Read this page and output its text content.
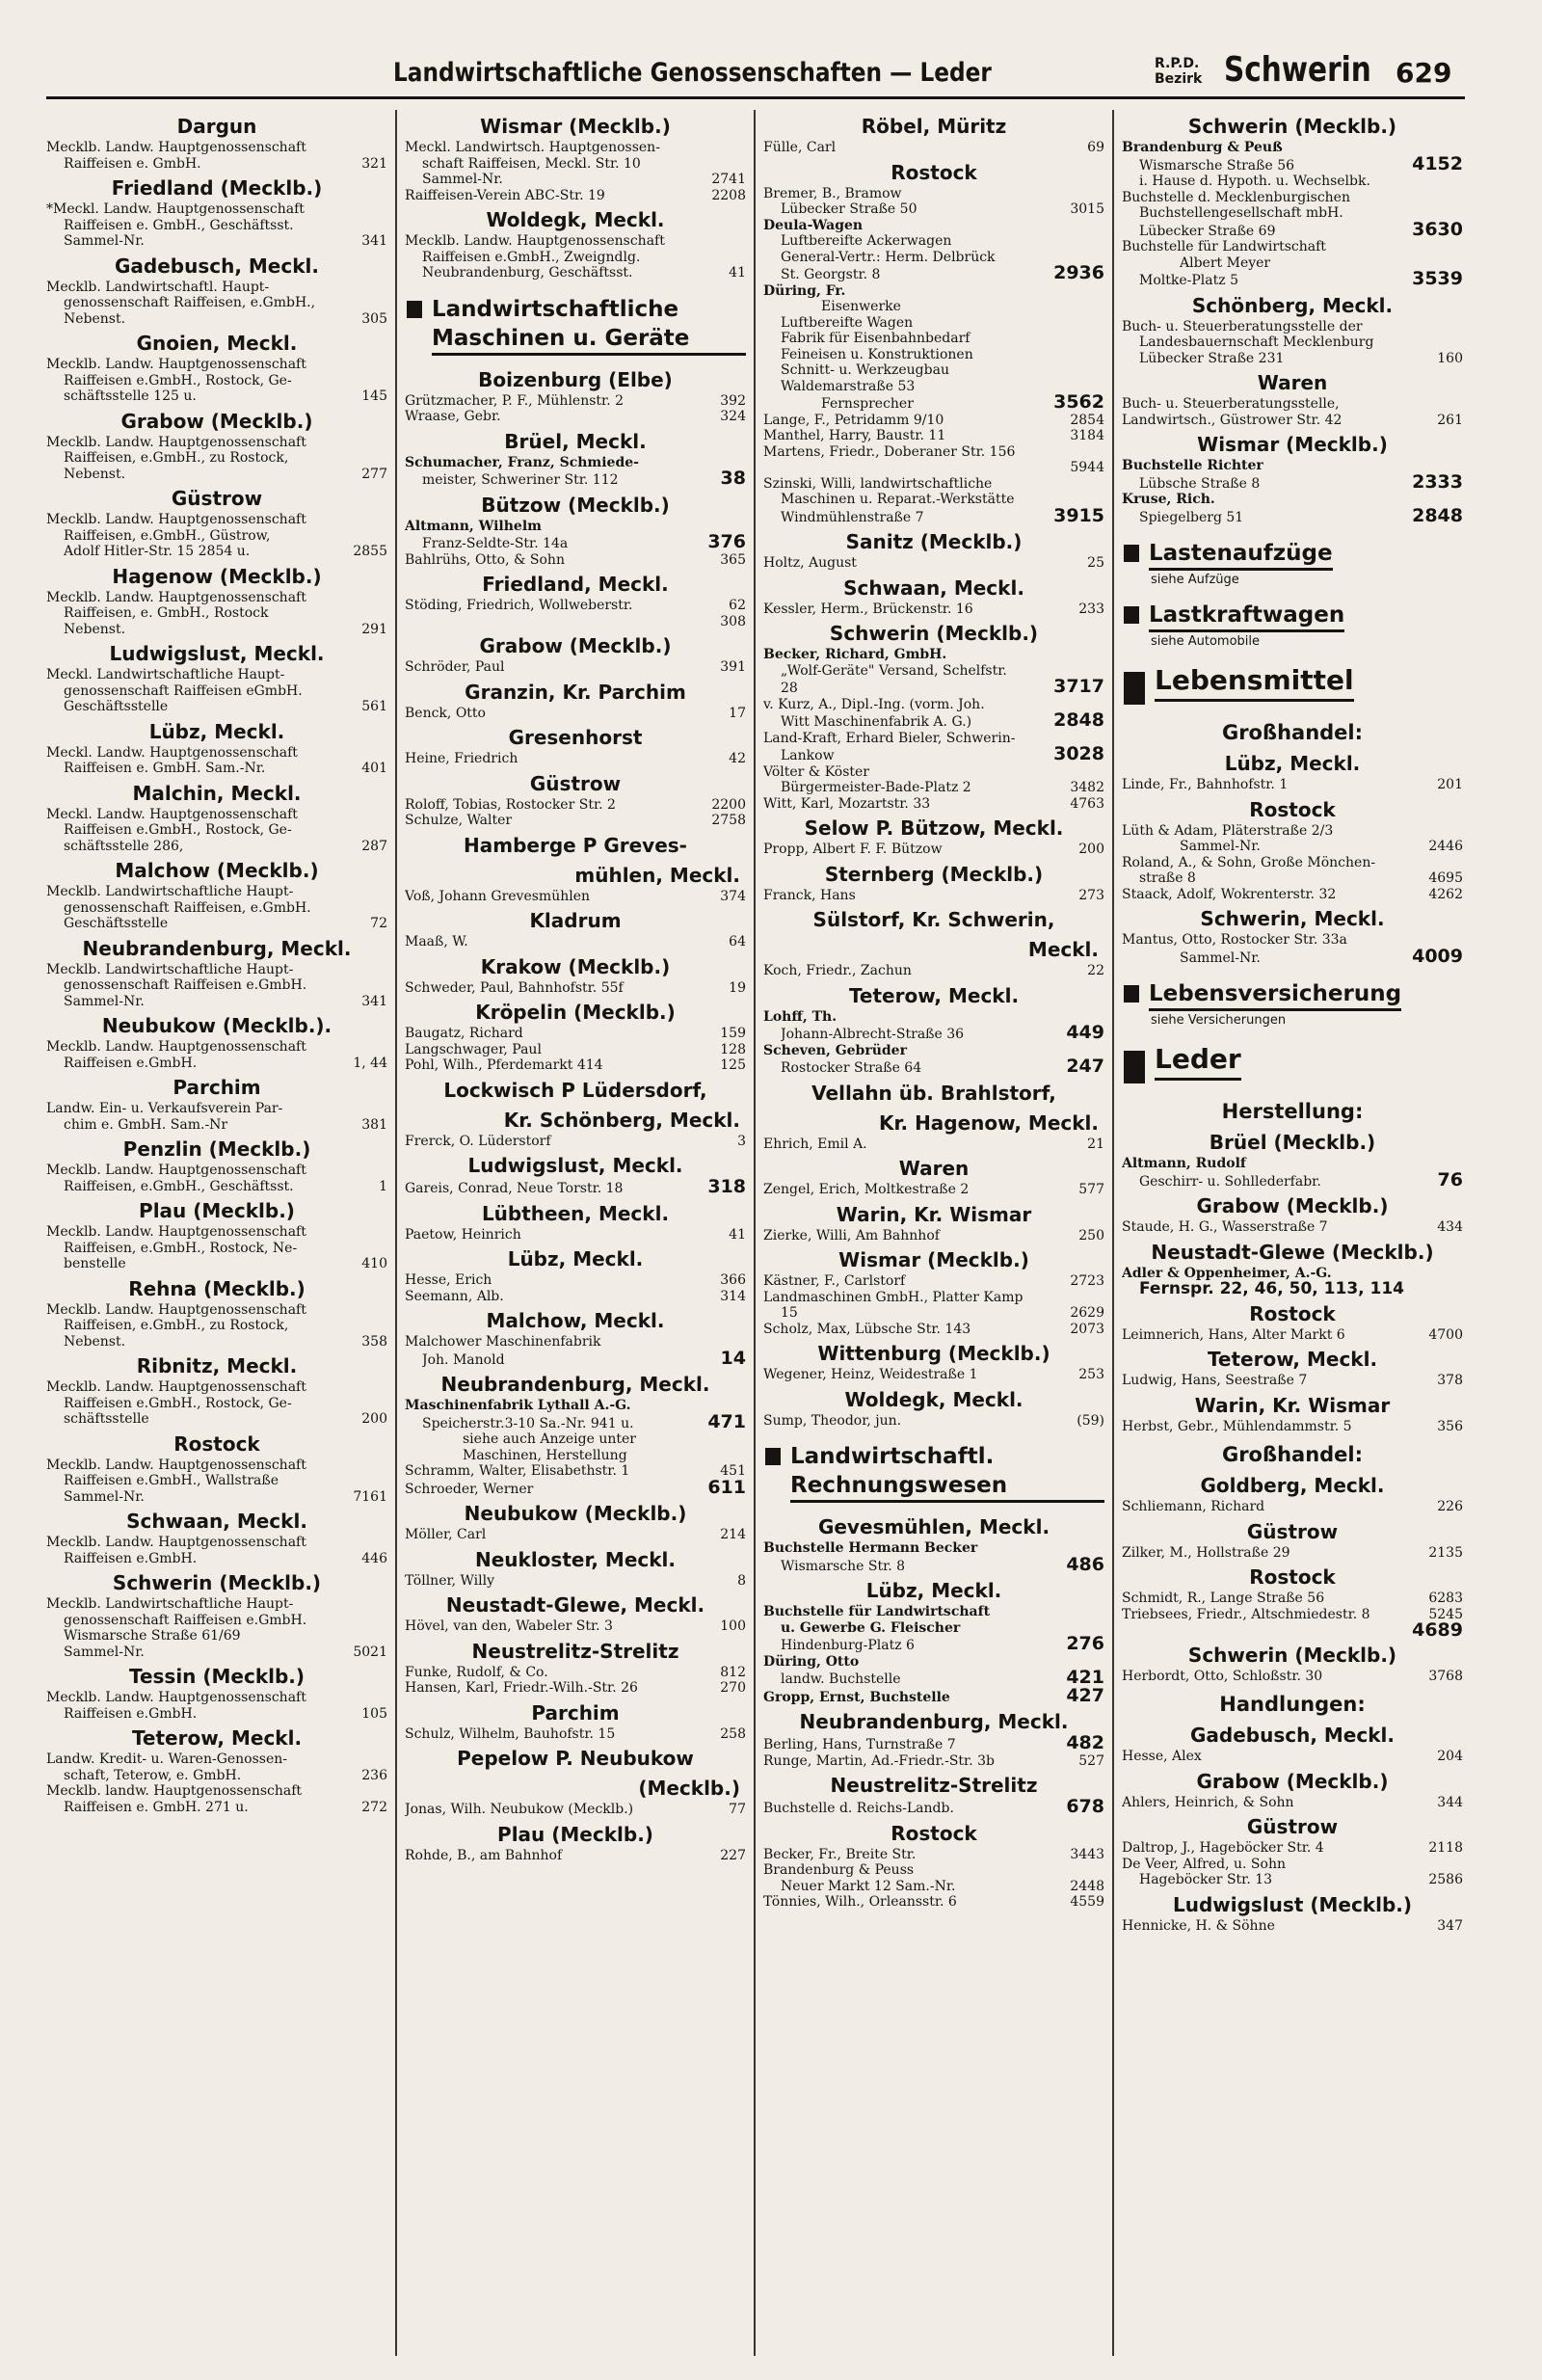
Landwirtschaftliche Genossenschaften — Leder	R.P.D.
Bezirk Schwerin 629
Dargun
Mecklb. Landw. Hauptgenossenschaft
Raiffeisen e. GmbH.	321
Friedland (Mecklb.)
*Meckl. Landw. Hauptgenossenschaft
Raiffeisen e. GmbH., Geschäftsst.
Sammel-Nr.	341
Gadebusch, Meckl.
Mecklb. Landwirtschaftl. Haupt-
genossenschaft Raiffeisen, e.GmbH.,
Nebenst.	305
Gnoien, Meckl.
Mecklb. Landw. Hauptgenossenschaft
Raiffeisen e.GmbH., Rostock, Ge-
schäftsstelle 125 u.	145
Grabow (Mecklb.)
Mecklb. Landw. Hauptgenossenschaft
Raiffeisen, e.GmbH., zu Rostock,
Nebenst.	277
Güstrow
Mecklb. Landw. Hauptgenossenschaft
Raiffeisen, e.GmbH., Güstrow,
Adolf Hitler-Str. 15 2854 u.	2855
Hagenow (Mecklb.)
Mecklb. Landw. Hauptgenossenschaft
Raiffeisen, e. GmbH., Rostock
Nebenst.	291
Ludwigslust, Meckl.
Meckl. Landwirtschaftliche Haupt-
genossenschaft Raiffeisen eGmbH.
Geschäftsstelle	561
Lübz, Meckl.
Meckl. Landw. Hauptgenossenschaft
Raiffeisen e. GmbH. Sam.-Nr.	401
Malchin, Meckl.
Meckl. Landw. Hauptgenossenschaft
Raiffeisen e.GmbH., Rostock, Ge-
schäftsstelle 286,	287
Malchow (Mecklb.)
Mecklb. Landwirtschaftliche Haupt-
genossenschaft Raiffeisen, e.GmbH.
Geschäftsstelle	72
Neubrandenburg, Meckl.
Mecklb. Landwirtschaftliche Haupt-
genossenschaft Raiffeisen e.GmbH.
Sammel-Nr.	341
Neubukow (Mecklb.).
Mecklb. Landw. Hauptgenossenschaft
Raiffeisen e.GmbH.	1, 44
Parchim
Landw. Ein- u. Verkaufsverein Par-
chim e. GmbH. Sam.-Nr	381
Penzlin (Mecklb.)
Mecklb. Landw. Hauptgenossenschaft
Raiffeisen, e.GmbH., Geschäftsst.	1
Plau (Mecklb.)
Mecklb. Landw. Hauptgenossenschaft
Raiffeisen, e.GmbH., Rostock, Ne-
benstelle	410
Rehna (Mecklb.)
Mecklb. Landw. Hauptgenossenschaft
Raiffeisen, e.GmbH., zu Rostock,
Nebenst.	358
Ribnitz, Meckl.
Mecklb. Landw. Hauptgenossenschaft
Raiffeisen e.GmbH., Rostock, Ge-
schäftsstelle	200
Rostock
Mecklb. Landw. Hauptgenossenschaft
Raiffeisen e.GmbH., Wallstraße
Sammel-Nr.	7161
Schwaan, Meckl.
Mecklb. Landw. Hauptgenossenschaft
Raiffeisen e.GmbH.	446
Schwerin (Mecklb.)
Mecklb. Landwirtschaftliche Haupt-
genossenschaft Raiffeisen e.GmbH.
Wismarsche Straße 61/69
Sammel-Nr.	5021
Tessin (Mecklb.)
Mecklb. Landw. Hauptgenossenschaft
Raiffeisen e.GmbH.	105
Teterow, Meckl.
Landw. Kredit- u. Waren-Genossen-
schaft, Teterow, e. GmbH.	236
Mecklb. landw. Hauptgenossenschaft
Raiffeisen e. GmbH. 271 u.	272
Wismar (Mecklb.)
Meckl. Landwirtsch. Hauptgenossen-
schaft Raiffeisen, Meckl. Str. 10
Sammel-Nr.	2741
Raiffeisen-Verein ABC-Str. 19	2208
Woldegk, Meckl.
Mecklb. Landw. Hauptgenossenschaft
Raiffeisen e.GmbH., Zweigndlg.
Neubrandenburg, Geschäftsst.	41
Landwirtschaftliche Maschinen u. Geräte
Boizenburg (Elbe)
Grützmacher, P. F., Mühlenstr. 2	392
Wraase, Gebr.	324
Brüel, Meckl.
Schumacher, Franz, Schmiede-
meister, Schweriner Str. 112	38
Bützow (Mecklb.)
Altmann, Wilhelm
Franz-Seldte-Str. 14a	376
Bahlrühs, Otto, & Sohn	365
Friedland, Meckl.
Stöding, Friedrich, Wollweberstr.	62
308
Grabow (Mecklb.)
Schröder, Paul	391
Granzin, Kr. Parchim
Benck, Otto	17
Gresenhorst
Heine, Friedrich	42
Güstrow
Roloff, Tobias, Rostocker Str. 2	2200
Schulze, Walter	2758
Hamberge P Greves-
mühlen, Meckl.
Voß, Johann Grevesmühlen	374
Kladrum
Maaß, W.	64
Krakow (Mecklb.)
Schweder, Paul, Bahnhofstr. 55f	19
Kröpelin (Mecklb.)
Baugatz, Richard	159
Langschwager, Paul	128
Pohl, Wilh., Pferdemarkt 414	125
Lockwisch P Lüdersdorf,
Kr. Schönberg, Meckl.
Frerck, O. Lüderstorf	3
Ludwigslust, Meckl.
Gareis, Conrad, Neue Torstr. 18	318
Lübtheen, Meckl.
Paetow, Heinrich	41
Lübz, Meckl.
Hesse, Erich	366
Seemann, Alb.	314
Malchow, Meckl.
Malchower Maschinenfabrik
Joh. Manold	14
Neubrandenburg, Meckl.
Maschinenfabrik Lythall A.-G.
Speicherstr.3-10 Sa.-Nr. 941 u.	471
siehe auch Anzeige unter
Maschinen, Herstellung
Schramm, Walter, Elisabethstr. 1	451
Schroeder, Werner	611
Neubukow (Mecklb.)
Möller, Carl	214
Neukloster, Meckl.
Töllner, Willy	8
Neustadt-Glewe, Meckl.
Hövel, van den, Wabeler Str. 3	100
Neustrelitz-Strelitz
Funke, Rudolf, & Co.	812
Hansen, Karl, Friedr.-Wilh.-Str. 26	270
Parchim
Schulz, Wilhelm, Bauhofstr. 15	258
Pepelow P. Neubukow
(Mecklb.)
Jonas, Wilh. Neubukow (Mecklb.)	77
Plau (Mecklb.)
Rohde, B., am Bahnhof	227
Röbel, Müritz
Fülle, Carl	69
Rostock
Bremer, B., Bramow
Lübecker Straße 50	3015
Deula-Wagen
Luftbereifte Ackerwagen
General-Vertr.: Herm. Delbrück
St. Georgstr. 8	2936
Düring, Fr.
Eisenwerke
Luftbereifte Wagen
Fabrik für Eisenbahnbedarf
Feineisen u. Konstruktionen
Schnitt- u. Werkzeugbau
Waldemarstraße 53
Fernsprecher	3562
Lange, F., Petridamm 9/10	2854
Manthel, Harry, Baustr. 11	3184
Martens, Friedr., Doberaner Str. 156
5944
Szinski, Willi, landwirtschaftliche
Maschinen u. Reparat.-Werkstätte
Windmühlenstraße 7	3915
Sanitz (Mecklb.)
Holtz, August	25
Schwaan, Meckl.
Kessler, Herm., Brückenstr. 16	233
Schwerin (Mecklb.)
Becker, Richard, GmbH.
„Wolf-Geräte" Versand, Schelfstr.
28	3717
v. Kurz, A., Dipl.-Ing. (vorm. Joh.
Witt Maschinenfabrik A. G.)	2848
Land-Kraft, Erhard Bieler, Schwerin-
Lankow	3028
Völter & Köster
Bürgermeister-Bade-Platz 2	3482
Witt, Karl, Mozartstr. 33	4763
Selow P. Bützow, Meckl.
Propp, Albert F. F. Bützow	200
Sternberg (Mecklb.)
Franck, Hans	273
Sülstorf, Kr. Schwerin,
Meckl.
Koch, Friedr., Zachun	22
Teterow, Meckl.
Lohff, Th.
Johann-Albrecht-Straße 36	449
Scheven, Gebrüder
Rostocker Straße 64	247
Vellahn üb. Brahlstorf,
Kr. Hagenow, Meckl.
Ehrich, Emil A.	21
Waren
Zengel, Erich, Moltkestraße 2	577
Warin, Kr. Wismar
Zierke, Willi, Am Bahnhof	250
Wismar (Mecklb.)
Kästner, F., Carlstorf	2723
Landmaschinen GmbH., Platter Kamp
15	2629
Scholz, Max, Lübsche Str. 143	2073
Wittenburg (Mecklb.)
Wegener, Heinz, Weidestraße 1	253
Woldegk, Meckl.
Sump, Theodor, jun.	(59)
Landwirtschaftl. Rechnungswesen
Gevesmühlen, Meckl.
Buchstelle Hermann Becker
Wismarsche Str. 8	486
Lübz, Meckl.
Buchstelle für Landwirtschaft
u. Gewerbe G. Fleischer
Hindenburg-Platz 6	276
Düring, Otto
landw. Buchstelle	421
Gropp, Ernst, Buchstelle	427
Neubrandenburg, Meckl.
Berling, Hans, Turnstraße 7	482
Runge, Martin, Ad.-Friedr.-Str. 3b	527
Neustrelitz-Strelitz
Buchstelle d. Reichs-Landb.	678
Rostock
Becker, Fr., Breite Str.	3443
Brandenburg & Peuss
Neuer Markt 12 Sam.-Nr.	2448
Tönnies, Wilh., Orleansstr. 6	4559
Schwerin (Mecklb.)
Brandenburg & Peuß
Wismarsche Straße 56	4152
i. Hause d. Hypoth. u. Wechselbk.
Buchstelle d. Mecklenburgischen
Buchstellengesellschaft mbH.
Lübecker Straße 69	3630
Buchstelle für Landwirtschaft
Albert Meyer
Moltke-Platz 5	3539
Schönberg, Meckl.
Buch- u. Steuerberatungsstelle der
Landesbauernschaft Mecklenburg
Lübecker Straße 231	160
Waren
Buch- u. Steuerberatungsstelle,
Landwirtsch., Güstrower Str. 42	261
Wismar (Mecklb.)
Buchstelle Richter
Lübsche Straße 8	2333
Kruse, Rich.
Spiegelberg 51	2848
Lastenaufzüge
siehe Aufzüge
Lastkraftwagen
siehe Automobile
Lebensmittel
Großhandel:
Lübz, Meckl.
Linde, Fr., Bahnhofstr. 1	201
Rostock
Lüth & Adam, Pläterstraße 2/3
Sammel-Nr.	2446
Roland, A., & Sohn, Große Mönchen-
straße 8	4695
Staack, Adolf, Wokrenterstr. 32	4262
Schwerin, Meckl.
Mantus, Otto, Rostocker Str. 33a
Sammel-Nr.	4009
Lebensversicherung
siehe Versicherungen
Leder
Herstellung:
Brüel (Mecklb.)
Altmann, Rudolf
Geschirr- u. Sohllederfabr.	76
Grabow (Mecklb.)
Staude, H. G., Wasserstraße 7	434
Neustadt-Glewe (Mecklb.)
Adler & Oppenheimer, A.-G.
Fernspr. 22, 46, 50, 113, 114
Rostock
Leimnerich, Hans, Alter Markt 6	4700
Teterow, Meckl.
Ludwig, Hans, Seestraße 7	378
Warin, Kr. Wismar
Herbst, Gebr., Mühlendammstr. 5	356
Großhandel:
Goldberg, Meckl.
Schliemann, Richard	226
Güstrow
Zilker, M., Hollstraße 29	2135
Rostock
Schmidt, R., Lange Straße 56	6283
Triebsees, Friedr., Altschmiedestr. 8	5245
4689
Schwerin (Mecklb.)
Herbordt, Otto, Schloßstr. 30	3768
Handlungen:
Gadebusch, Meckl.
Hesse, Alex	204
Grabow (Mecklb.)
Ahlers, Heinrich, & Sohn	344
Güstrow
Daltrop, J., Hageböcker Str. 4	2118
De Veer, Alfred, u. Sohn
Hageböcker Str. 13	2586
Ludwigslust (Mecklb.)
Hennicke, H. & Söhne	347
